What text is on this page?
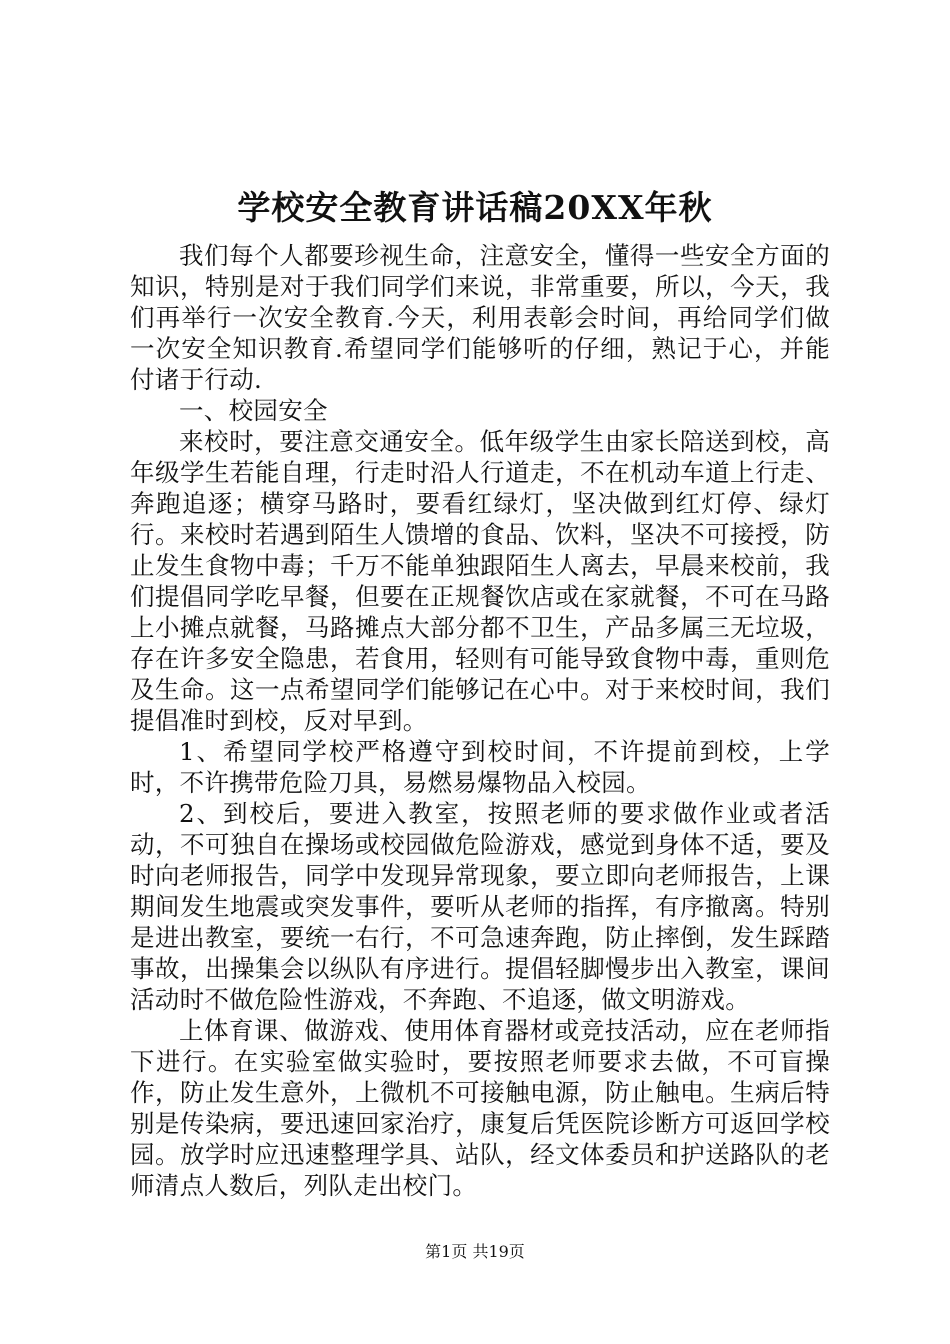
学校安全教育讲话稿20XX年秋

我们每个人都要珍视生命，注意安全，懂得一些安全方面的知识，特别是对于我们同学们来说，非常重要，所以，今天，我们再举行一次安全教育.今天，利用表彰会时间，再给同学们做一次安全知识教育.希望同学们能够听的仔细，熟记于心，并能付诸于行动.

一、校园安全

来校时，要注意交通安全。低年级学生由家长陪送到校，高年级学生若能自理，行走时沿人行道走，不在机动车道上行走、奔跑追逐；横穿马路时，要看红绿灯，坚决做到红灯停、绿灯行。来校时若遇到陌生人馈增的食品、饮料，坚决不可接授，防止发生食物中毒；千万不能单独跟陌生人离去，早晨来校前，我们提倡同学吃早餐，但要在正规餐饮店或在家就餐，不可在马路上小摊点就餐，马路摊点大部分都不卫生，产品多属三无垃圾，存在许多安全隐患，若食用，轻则有可能导致食物中毒，重则危及生命。这一点希望同学们能够记在心中。对于来校时间，我们提倡准时到校，反对早到。

1、希望同学校严格遵守到校时间，不许提前到校，上学时，不许携带危险刀具，易燃易爆物品入校园。

2、到校后，要进入教室，按照老师的要求做作业或者活动，不可独自在操场或校园做危险游戏，感觉到身体不适，要及时向老师报告，同学中发现异常现象，要立即向老师报告，上课期间发生地震或突发事件，要听从老师的指挥，有序撤离。特别是进出教室，要统一右行，不可急速奔跑，防止摔倒，发生踩踏事故，出操集会以纵队有序进行。提倡轻脚慢步出入教室，课间活动时不做危险性游戏，不奔跑、不追逐，做文明游戏。

上体育课、做游戏、使用体育器材或竞技活动，应在老师指下进行。在实验室做实验时，要按照老师要求去做，不可盲操作，防止发生意外，上微机不可接触电源，防止触电。生病后特别是传染病，要迅速回家治疗，康复后凭医院诊断方可返回学校园。放学时应迅速整理学具、站队，经文体委员和护送路队的老师清点人数后，列队走出校门。

第1页 共19页
